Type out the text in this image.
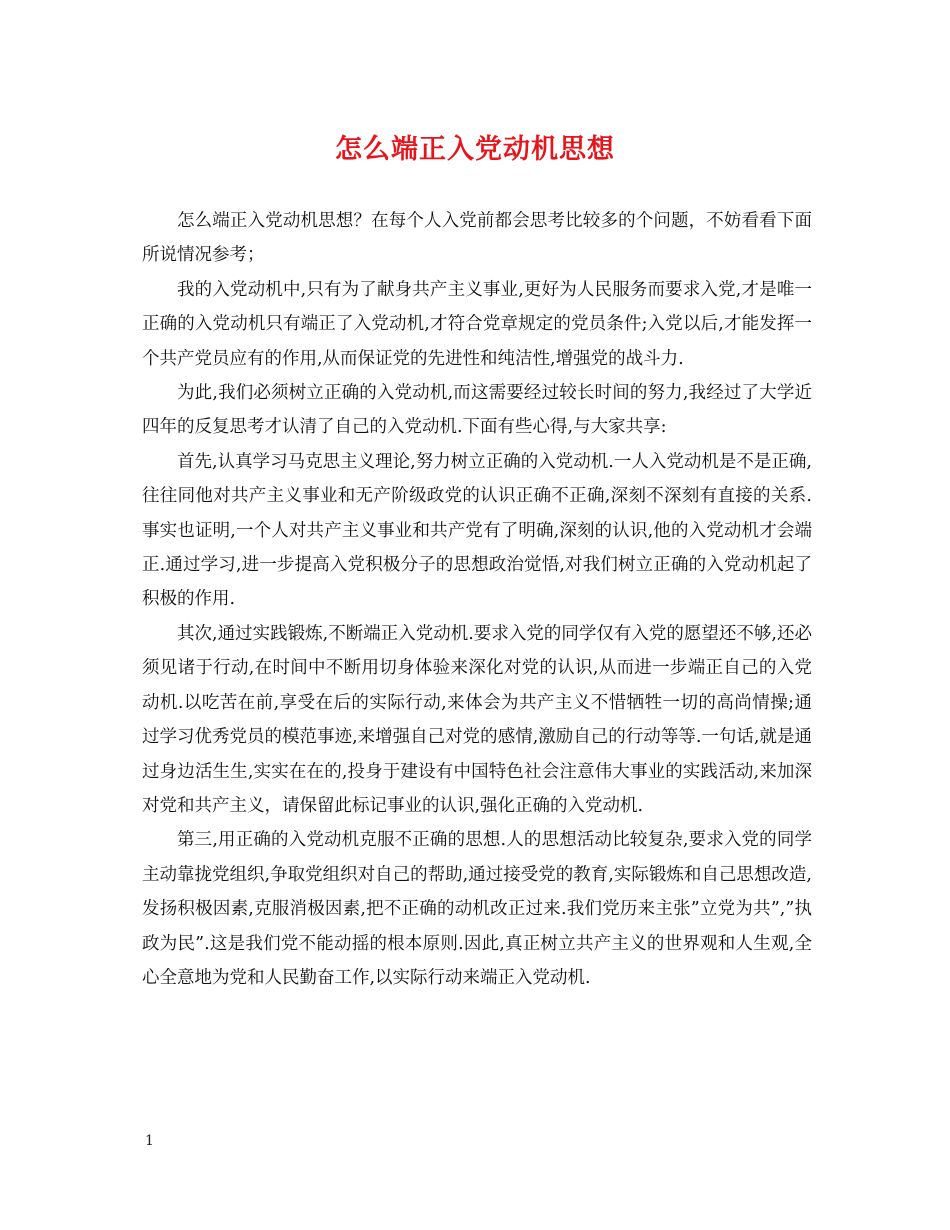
怎么端正入党动机思想

怎么端正入党动机思想？在每个人入党前都会思考比较多的个问题，不妨看看下面所说情况参考；

我的入党动机中,只有为了献身共产主义事业,更好为人民服务而要求入党,才是唯一正确的入党动机只有端正了入党动机,才符合党章规定的党员条件;入党以后,才能发挥一个共产党员应有的作用,从而保证党的先进性和纯洁性,增强党的战斗力.

为此,我们必须树立正确的入党动机,而这需要经过较长时间的努力,我经过了大学近四年的反复思考才认清了自己的入党动机.下面有些心得,与大家共享:

首先,认真学习马克思主义理论,努力树立正确的入党动机.一人入党动机是不是正确,往往同他对共产主义事业和无产阶级政党的认识正确不正确,深刻不深刻有直接的关系.事实也证明,一个人对共产主义事业和共产党有了明确,深刻的认识,他的入党动机才会端正.通过学习,进一步提高入党积极分子的思想政治觉悟,对我们树立正确的入党动机起了积极的作用.

其次,通过实践锻炼,不断端正入党动机.要求入党的同学仅有入党的愿望还不够,还必须见诸于行动,在时间中不断用切身体验来深化对党的认识,从而进一步端正自己的入党动机.以吃苦在前,享受在后的实际行动,来体会为共产主义不惜牺牲一切的高尚情操;通过学习优秀党员的模范事迹,来增强自己对党的感情,激励自己的行动等等.一句话,就是通过身边活生生,实实在在的,投身于建设有中国特色社会注意伟大事业的实践活动,来加深对党和共产主义，请保留此标记事业的认识,强化正确的入党动机.

第三,用正确的入党动机克服不正确的思想.人的思想活动比较复杂,要求入党的同学主动靠拢党组织,争取党组织对自己的帮助,通过接受党的教育,实际锻炼和自己思想改造,发扬积极因素,克服消极因素,把不正确的动机改正过来.我们党历来主张”立党为共”,”执政为民”.这是我们党不能动摇的根本原则.因此,真正树立共产主义的世界观和人生观,全心全意地为党和人民勤奋工作,以实际行动来端正入党动机.

1
